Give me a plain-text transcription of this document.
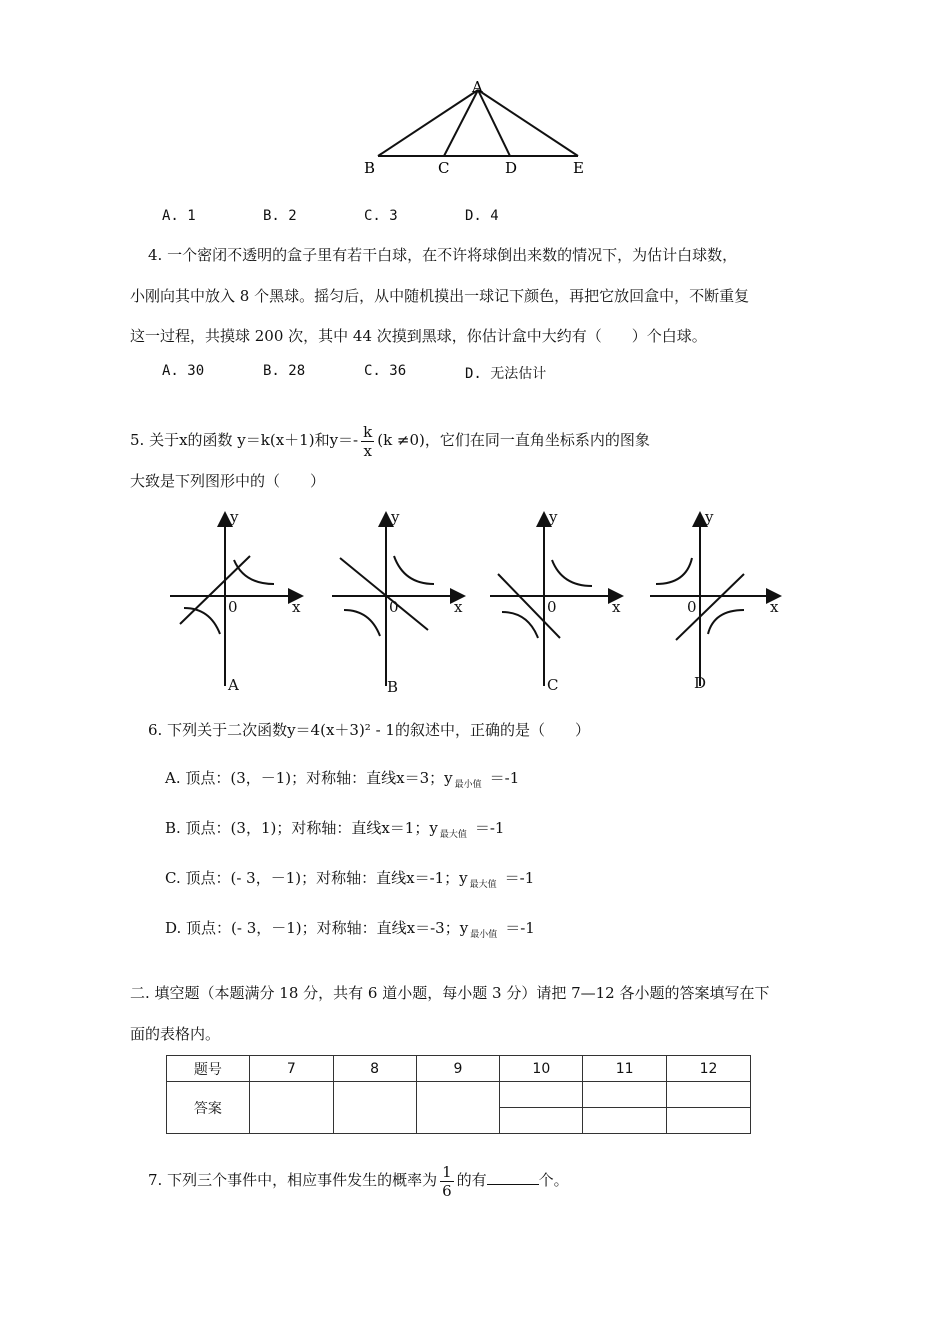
A
B	C	D	E
A. 1	B. 2	C. 3	D. 4
4. 一个密闭不透明的盒子里有若干白球，在不许将球倒出来数的情况下，为估计白球数，
小刚向其中放入 8 个黑球。摇匀后，从中随机摸出一球记下颜色，再把它放回盒中，不断重复
这一过程，共摸球 200 次，其中 44 次摸到黑球，你估计盒中大约有（　　）个白球。
A. 30	B. 28	C. 36	D. 无法估计
5. 关于x的函数 y＝k(x＋1)和$y=- \frac{k}{x} (k \ne 0)$，它们在同一直角坐标系内的图象
大致是下列图形中的（　　）
y
x
0
y
x
0
y
x
0
y
x
0
A	B	C	D
6. 下列关于二次函数y＝4(x＋3)² - 1的叙述中，正确的是（　　）
A. 顶点：(3，－1)；对称轴：直线x＝3；y $_{最小值}$ ＝-1
B. 顶点：(3，1)；对称轴：直线x＝1；y $_{最大值}$ ＝-1
C. 顶点：(- 3，－1)；对称轴：直线x＝-1；y $_{最大值}$ ＝-1
D. 顶点：(- 3，－1)；对称轴：直线x＝-3；y $_{最小值}$ ＝-1
二. 填空题（本题满分 18 分，共有 6 道小题，每小题 3 分）请把 7—12 各小题的答案填写在下
面的表格内。
题号	7	8	9	10	11	12
答案						

7. 下列三个事件中，相应事件发生的概率为 $\frac{1}{6}$ 的有	个。
